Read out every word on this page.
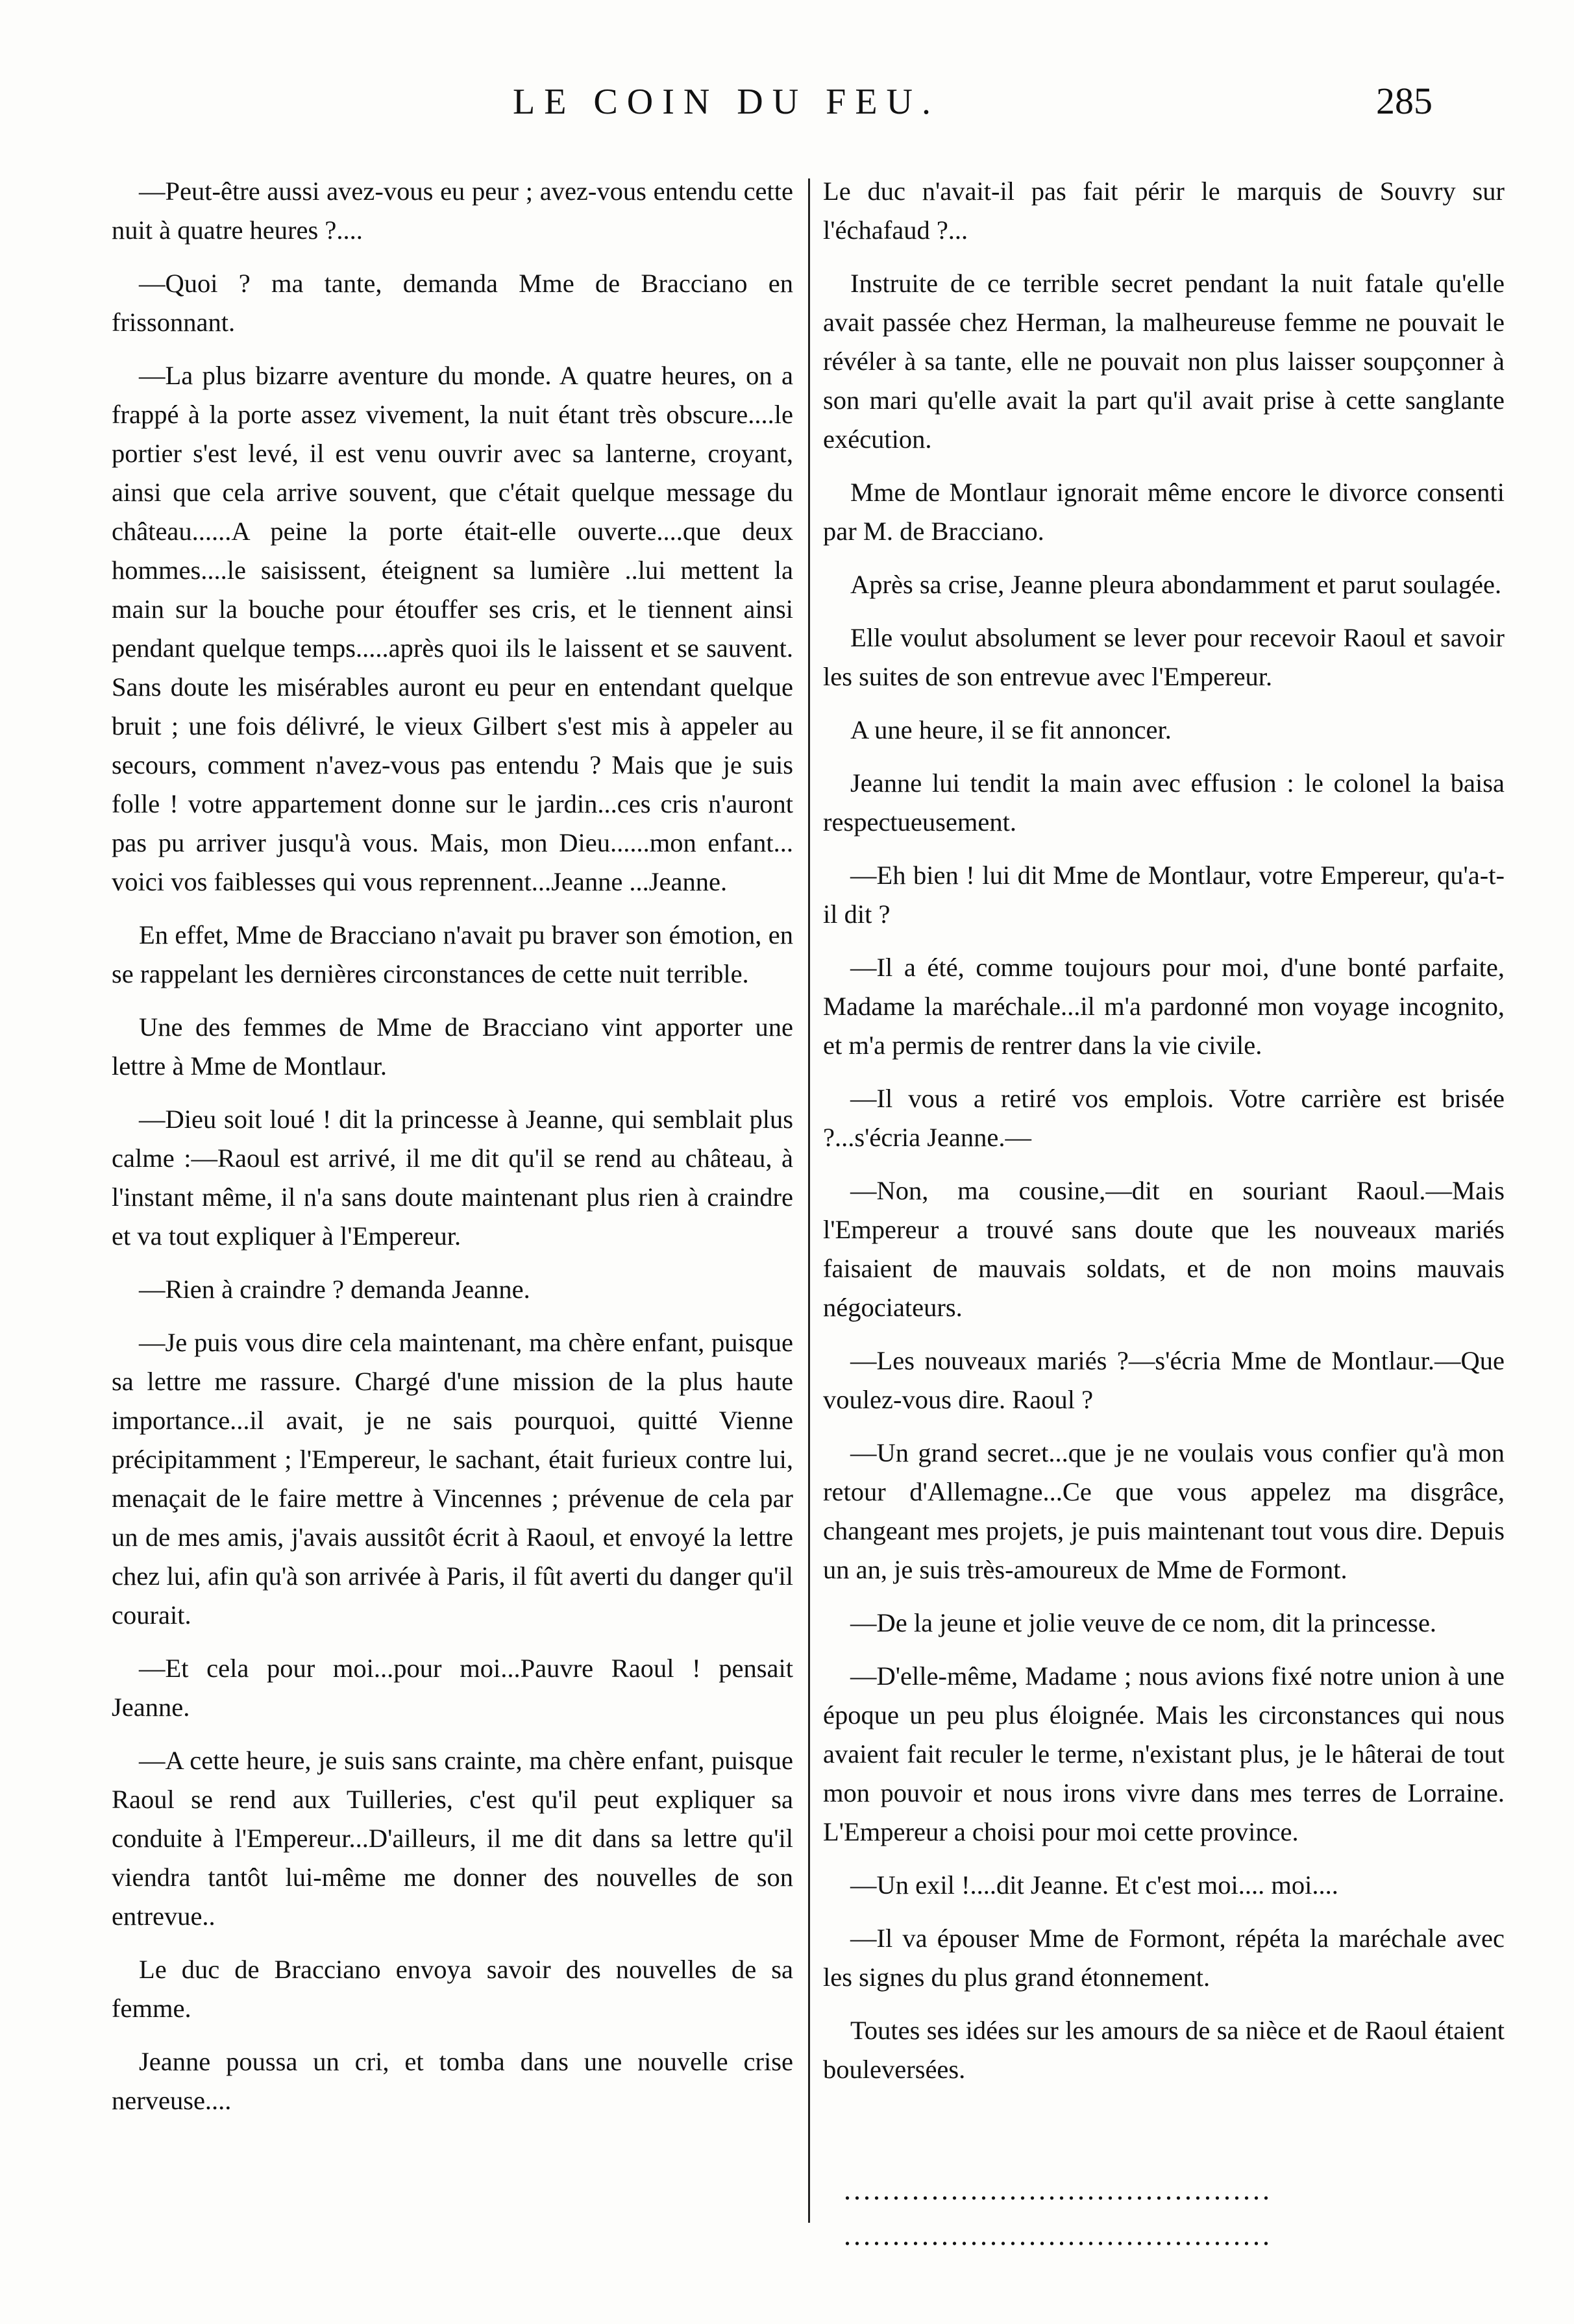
LE COIN DU FEU.	285

—Peut-être aussi avez-vous eu peur ; avez-vous entendu cette nuit à quatre heures ?....

—Quoi ? ma tante, demanda Mme de Bracciano en frissonnant.

—La plus bizarre aventure du monde. A quatre heures, on a frappé à la porte assez vivement, la nuit étant très obscure....le portier s'est levé, il est venu ouvrir avec sa lanterne, croyant, ainsi que cela arrive souvent, que c'était quelque message du château......A peine la porte était-elle ouverte....que deux hommes....le saisissent, éteignent sa lumière ..lui mettent la main sur la bouche pour étouffer ses cris, et le tiennent ainsi pendant quelque temps.....après quoi ils le laissent et se sauvent. Sans doute les misérables auront eu peur en entendant quelque bruit ; une fois délivré, le vieux Gilbert s'est mis à appeler au secours, comment n'avez-vous pas entendu ? Mais que je suis folle ! votre appartement donne sur le jardin...ces cris n'auront pas pu arriver jusqu'à vous. Mais, mon Dieu......mon enfant... voici vos faiblesses qui vous reprennent...Jeanne ...Jeanne.

En effet, Mme de Bracciano n'avait pu braver son émotion, en se rappelant les dernières circonstances de cette nuit terrible.

Une des femmes de Mme de Bracciano vint apporter une lettre à Mme de Montlaur.

—Dieu soit loué ! dit la princesse à Jeanne, qui semblait plus calme :—Raoul est arrivé, il me dit qu'il se rend au château, à l'instant même, il n'a sans doute maintenant plus rien à craindre et va tout expliquer à l'Empereur.

—Rien à craindre ? demanda Jeanne.

—Je puis vous dire cela maintenant, ma chère enfant, puisque sa lettre me rassure. Chargé d'une mission de la plus haute importance...il avait, je ne sais pourquoi, quitté Vienne précipitamment ; l'Empereur, le sachant, était furieux contre lui, menaçait de le faire mettre à Vincennes ; prévenue de cela par un de mes amis, j'avais aussitôt écrit à Raoul, et envoyé la lettre chez lui, afin qu'à son arrivée à Paris, il fût averti du danger qu'il courait.

—Et cela pour moi...pour moi...Pauvre Raoul ! pensait Jeanne.

—A cette heure, je suis sans crainte, ma chère enfant, puisque Raoul se rend aux Tuilleries, c'est qu'il peut expliquer sa conduite à l'Empereur...D'ailleurs, il me dit dans sa lettre qu'il viendra tantôt lui-même me donner des nouvelles de son entrevue..

Le duc de Bracciano envoya savoir des nouvelles de sa femme.

Jeanne poussa un cri, et tomba dans une nouvelle crise nerveuse....

Le duc n'avait-il pas fait périr le marquis de Souvry sur l'échafaud ?...

Instruite de ce terrible secret pendant la nuit fatale qu'elle avait passée chez Herman, la malheureuse femme ne pouvait le révéler à sa tante, elle ne pouvait non plus laisser soupçonner à son mari qu'elle avait la part qu'il avait prise à cette sanglante exécution.

Mme de Montlaur ignorait même encore le divorce consenti par M. de Bracciano.

Après sa crise, Jeanne pleura abondamment et parut soulagée.

Elle voulut absolument se lever pour recevoir Raoul et savoir les suites de son entrevue avec l'Empereur.

A une heure, il se fit annoncer.

Jeanne lui tendit la main avec effusion : le colonel la baisa respectueusement.

—Eh bien ! lui dit Mme de Montlaur, votre Empereur, qu'a-t-il dit ?

—Il a été, comme toujours pour moi, d'une bonté parfaite, Madame la maréchale...il m'a pardonné mon voyage incognito, et m'a permis de rentrer dans la vie civile.

—Il vous a retiré vos emplois. Votre carrière est brisée ?...s'écria Jeanne.—

—Non, ma cousine,—dit en souriant Raoul.—Mais l'Empereur a trouvé sans doute que les nouveaux mariés faisaient de mauvais soldats, et de non moins mauvais négociateurs.

—Les nouveaux mariés ?—s'écria Mme de Montlaur.—Que voulez-vous dire. Raoul ?

—Un grand secret...que je ne voulais vous confier qu'à mon retour d'Allemagne...Ce que vous appelez ma disgrâce, changeant mes projets, je puis maintenant tout vous dire. Depuis un an, je suis très-amoureux de Mme de Formont.

—De la jeune et jolie veuve de ce nom, dit la princesse.

—D'elle-même, Madame ; nous avions fixé notre union à une époque un peu plus éloignée. Mais les circonstances qui nous avaient fait reculer le terme, n'existant plus, je le hâterai de tout mon pouvoir et nous irons vivre dans mes terres de Lorraine. L'Empereur a choisi pour moi cette province.

—Un exil !....dit Jeanne. Et c'est moi.... moi....

—Il va épouser Mme de Formont, répéta la maréchale avec les signes du plus grand étonnement.

Toutes ses idées sur les amours de sa nièce et de Raoul étaient bouleversées.

............................................
............................................
